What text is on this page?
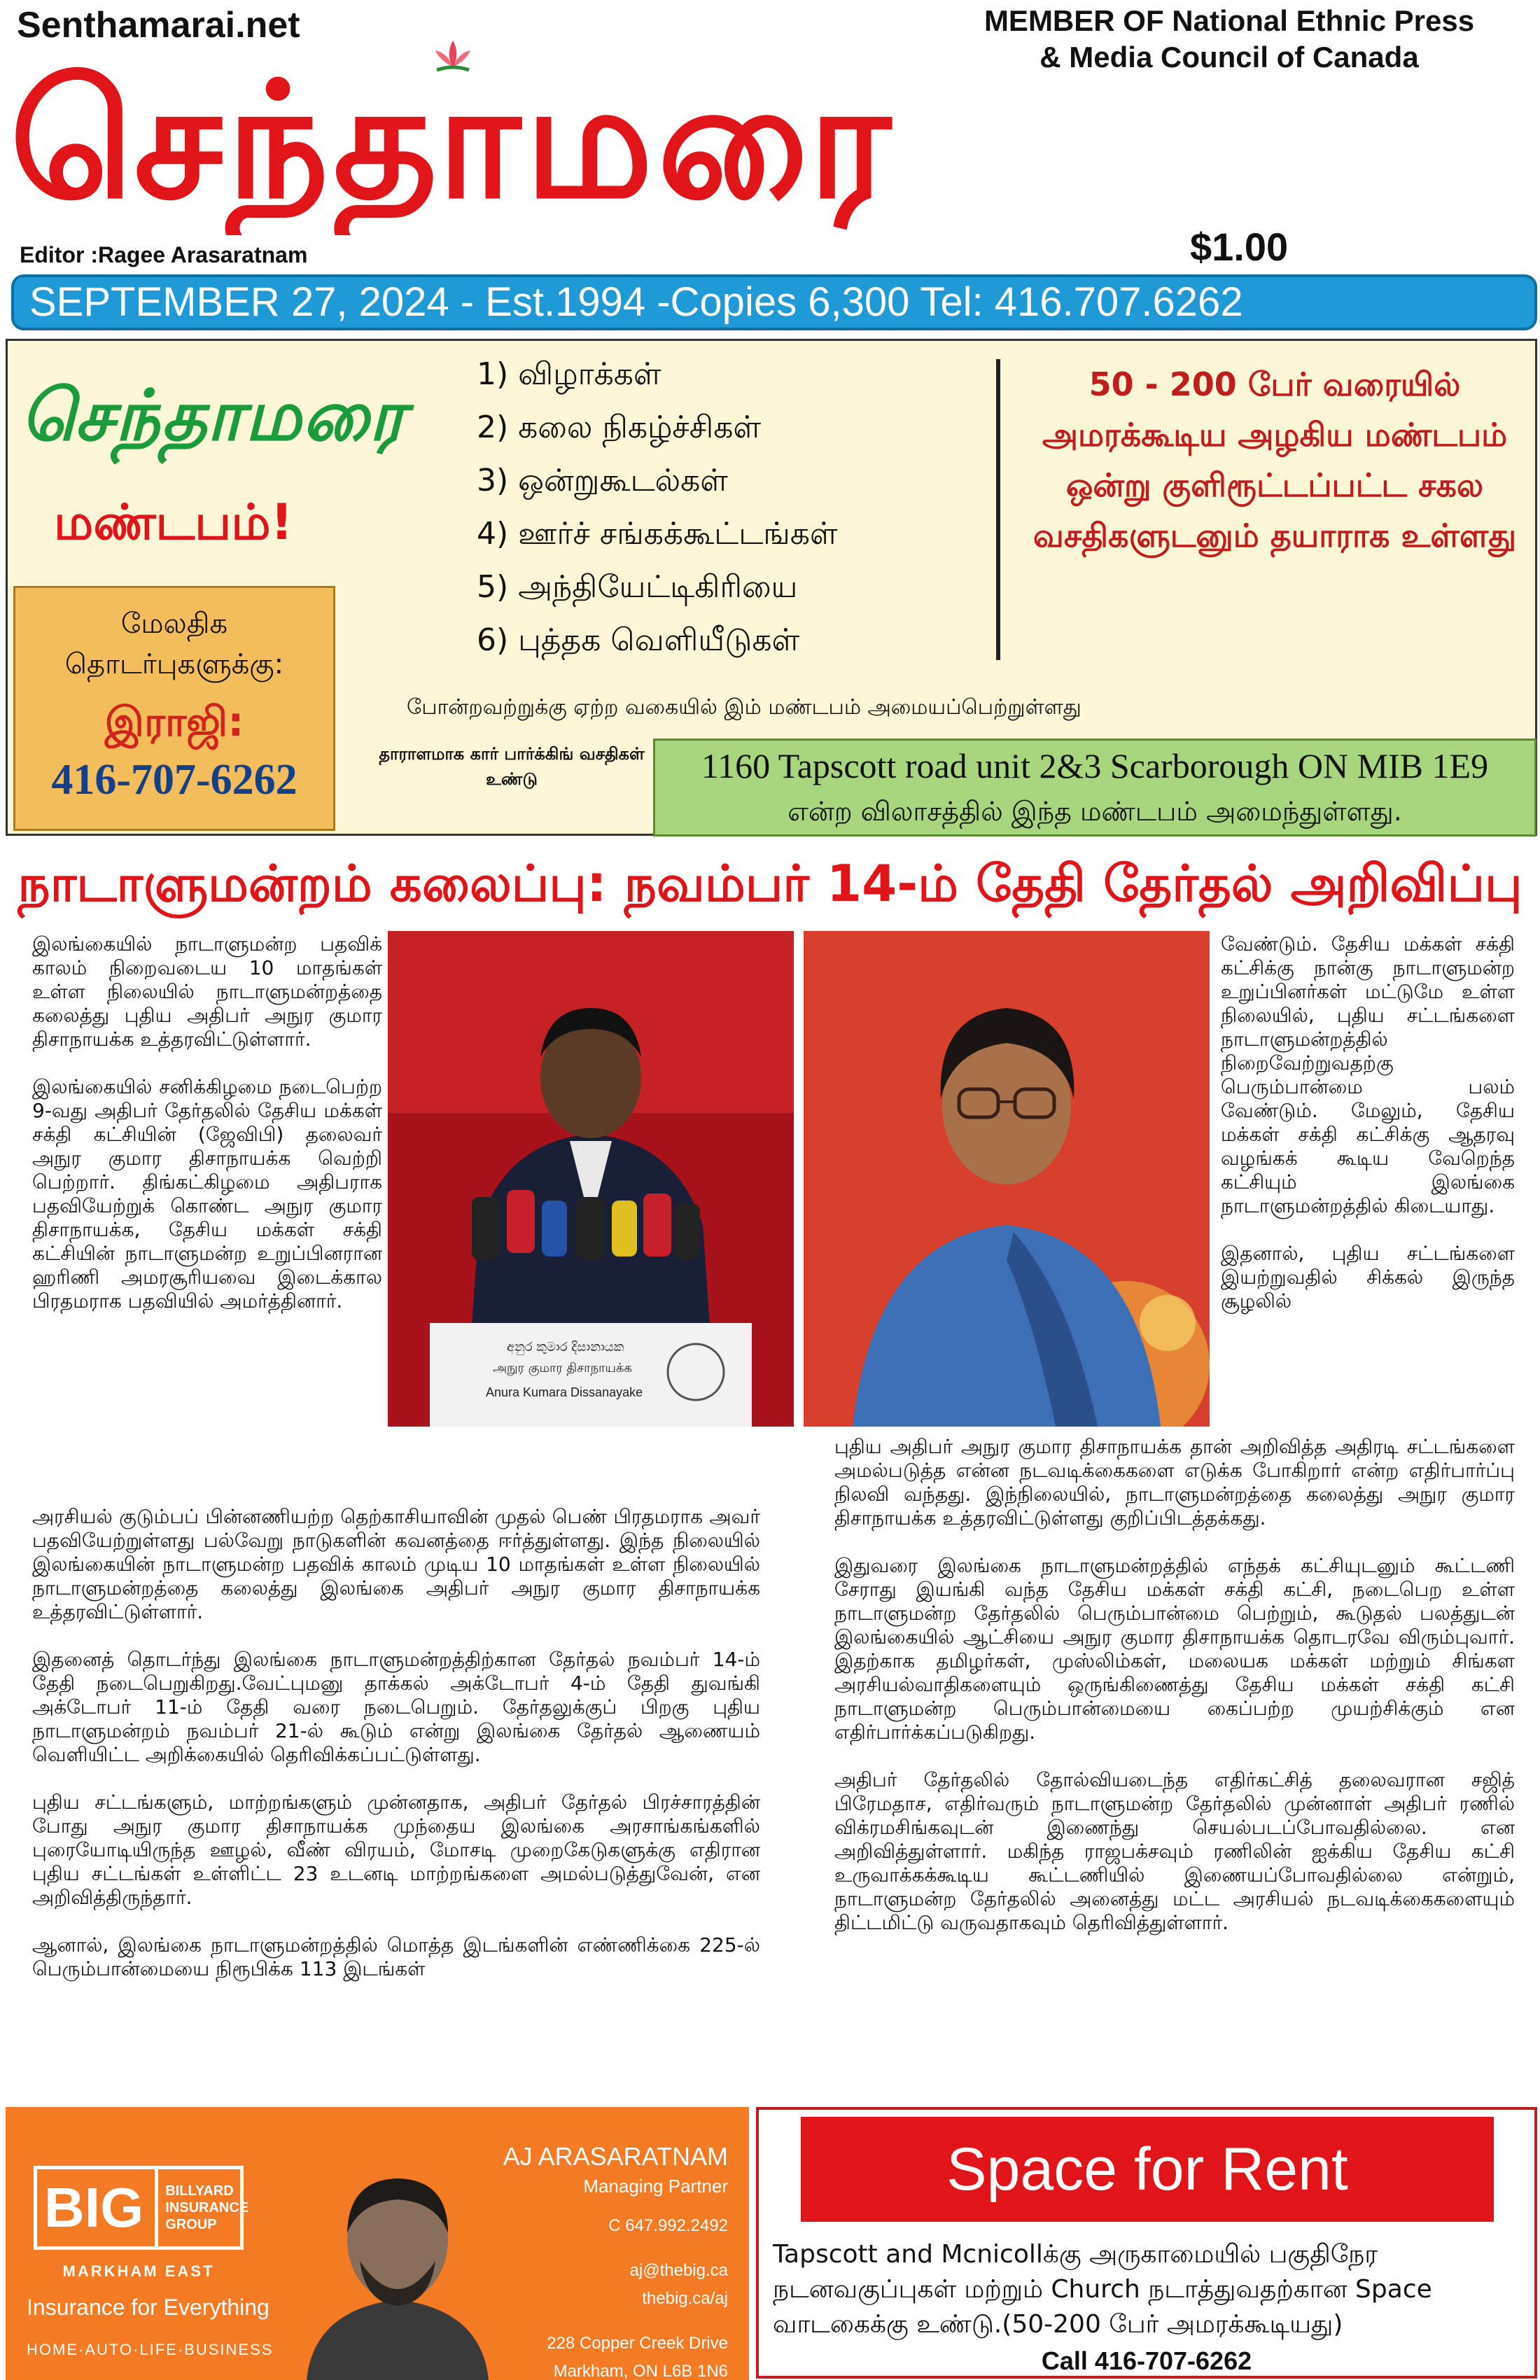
Senthamarai.net	MEMBER OF National Ethnic Press
& Media Council of Canada
செந்தாமரை
Editor :Ragee Arasaratnam	$1.00
SEPTEMBER 27, 2024 - Est.1994 -Copies 6,300 Tel: 416.707.6262
செந்தாமரை
மண்டபம்!
மேலதிக தொடர்புகளுக்கு:
இராஜி:
416-707-6262
1) விழாக்கள்
2) கலை நிகழ்ச்சிகள்
3) ஒன்றுகூடல்கள்
4) ஊர்ச் சங்கக்கூட்டங்கள்
5) அந்தியேட்டிகிரியை
6) புத்தக வெளியீடுகள்
50 - 200 பேர் வரையில் அமரக்கூடிய அழகிய மண்டபம் ஒன்று குளிரூட்டப்பட்ட சகல வசதிகளுடனும் தயாராக உள்ளது
போன்றவற்றுக்கு ஏற்ற வகையில் இம் மண்டபம் அமையப்பெற்றுள்ளது
தாராளமாக கார் பார்க்கிங் வசதிகள் உண்டு	1160 Tapscott road unit 2&3 Scarborough ON MIB 1E9
என்ற விலாசத்தில் இந்த மண்டபம் அமைந்துள்ளது.
நாடாளுமன்றம் கலைப்பு: நவம்பர் 14-ம் தேதி தேர்தல் அறிவிப்பு

இலங்கையில் நாடாளுமன்ற பதவிக் காலம் நிறைவடைய 10 மாதங்கள் உள்ள நிலையில் நாடாளுமன்றத்தை கலைத்து புதிய அதிபர் அநுர குமார திசாநாயக்க உத்தரவிட்டுள்ளார்.

இலங்கையில் சனிக்கிழமை நடைபெற்ற 9-வது அதிபர் தேர்தலில் தேசிய மக்கள் சக்தி கட்சியின் (ஜேவிபி) தலைவர் அநுர குமார திசாநாயக்க வெற்றி பெற்றார். திங்கட்கிழமை அதிபராக பதவியேற்றுக் கொண்ட அநுர குமார திசாநாயக்க, தேசிய மக்கள் சக்தி கட்சியின் நாடாளுமன்ற உறுப்பினரான ஹரிணி அமரசூரியவை இடைக்கால பிரதமராக பதவியில் அமர்த்தினார்.

வேண்டும். தேசிய மக்கள் சக்தி கட்சிக்கு நான்கு நாடாளுமன்ற உறுப்பினர்கள் மட்டுமே உள்ள நிலையில், புதிய சட்டங்களை நாடாளுமன்றத்தில் நிறைவேற்றுவதற்கு பெரும்பான்மை பலம் வேண்டும். மேலும், தேசிய மக்கள் சக்தி கட்சிக்கு ஆதரவு வழங்கக் கூடிய வேறெந்த கட்சியும் இலங்கை நாடாளுமன்றத்தில் கிடையாது.

இதனால், புதிய சட்டங்களை இயற்றுவதில் சிக்கல் இருந்த சூழலில்

அரசியல் குடும்பப் பின்னணியற்ற தெற்காசியாவின் முதல் பெண் பிரதமராக அவர் பதவியேற்றுள்ளது பல்வேறு நாடுகளின் கவனத்தை ஈர்த்துள்ளது. இந்த நிலையில் இலங்கையின் நாடாளுமன்ற பதவிக் காலம் முடிய 10 மாதங்கள் உள்ள நிலையில் நாடாளுமன்றத்தை கலைத்து இலங்கை அதிபர் அநுர குமார திசாநாயக்க உத்தரவிட்டுள்ளார்.

இதனைத் தொடர்ந்து இலங்கை நாடாளுமன்றத்திற்கான தேர்தல் நவம்பர் 14-ம் தேதி நடைபெறுகிறது.வேட்புமனு தாக்கல் அக்டோபர் 4-ம் தேதி துவங்கி அக்டோபர் 11-ம் தேதி வரை நடைபெறும். தேர்தலுக்குப் பிறகு புதிய நாடாளுமன்றம் நவம்பர் 21-ல் கூடும் என்று இலங்கை தேர்தல் ஆணையம் வெளியிட்ட அறிக்கையில் தெரிவிக்கப்பட்டுள்ளது.

புதிய சட்டங்களும், மாற்றங்களும் முன்னதாக, அதிபர் தேர்தல் பிரச்சாரத்தின் போது அநுர குமார திசாநாயக்க முந்தைய இலங்கை அரசாங்கங்களில் புரையோடியிருந்த ஊழல், வீண் விரயம், மோசடி முறைகேடுகளுக்கு எதிரான புதிய சட்டங்கள் உள்ளிட்ட 23 உடனடி மாற்றங்களை அமல்படுத்துவேன், என அறிவித்திருந்தார்.

ஆனால், இலங்கை நாடாளுமன்றத்தில் மொத்த இடங்களின் எண்ணிக்கை 225-ல் பெரும்பான்மையை நிரூபிக்க 113 இடங்கள்

புதிய அதிபர் அநுர குமார திசாநாயக்க தான் அறிவித்த அதிரடி சட்டங்களை அமல்படுத்த என்ன நடவடிக்கைகளை எடுக்க போகிறார் என்ற எதிர்பார்ப்பு நிலவி வந்தது. இந்நிலையில், நாடாளுமன்றத்தை கலைத்து அநுர குமார திசாநாயக்க உத்தரவிட்டுள்ளது குறிப்பிடத்தக்கது.

இதுவரை இலங்கை நாடாளுமன்றத்தில் எந்தக் கட்சியுடனும் கூட்டணி சேராது இயங்கி வந்த தேசிய மக்கள் சக்தி கட்சி, நடைபெற உள்ள நாடாளுமன்ற தேர்தலில் பெரும்பான்மை பெற்றும், கூடுதல் பலத்துடன் இலங்கையில் ஆட்சியை அநுர குமார திசாநாயக்க தொடரவே விரும்புவார். இதற்காக தமிழர்கள், முஸ்லிம்கள், மலையக மக்கள் மற்றும் சிங்கள அரசியல்வாதிகளையும் ஒருங்கிணைத்து தேசிய மக்கள் சக்தி கட்சி நாடாளுமன்ற பெரும்பான்மையை கைப்பற்ற முயற்சிக்கும் என எதிர்பார்க்கப்படுகிறது.

அதிபர் தேர்தலில் தோல்வியடைந்த எதிர்கட்சித் தலைவரான சஜித் பிரேமதாச, எதிர்வரும் நாடாளுமன்ற தேர்தலில் முன்னாள் அதிபர் ரணில் விக்ரமசிங்கவுடன் இணைந்து செயல்படப்போவதில்லை. என அறிவித்துள்ளார். மகிந்த ராஜபக்சவும் ரணிலின் ஐக்கிய தேசிய கட்சி உருவாக்கக்கூடிய கூட்டணியில் இணையப்போவதில்லை என்றும், நாடாளுமன்ற தேர்தலில் அனைத்து மட்ட அரசியல் நடவடிக்கைகளையும் திட்டமிட்டு வருவதாகவும் தெரிவித்துள்ளார்.

අනුර කුමාර දිසානායක
அநுர குமார திசாநாயக்க
Anura Kumara Dissanayake
BIG	BILLYARD
INSURANCE
GROUP
MARKHAM EAST
Insurance for Everything
HOME·AUTO·LIFE·BUSINESS
AJ ARASARATNAM
Managing Partner
C 647.992.2492
aj@thebig.ca
thebig.ca/aj
228 Copper Creek Drive
Markham, ON L6B 1N6
Space for Rent
Tapscott and Mcnicollக்கு அருகாமையில் பகுதிநேர நடனவகுப்புகள் மற்றும் Church நடாத்துவதற்கான Space வாடகைக்கு உண்டு.(50-200 பேர் அமரக்கூடியது)
Call 416-707-6262
